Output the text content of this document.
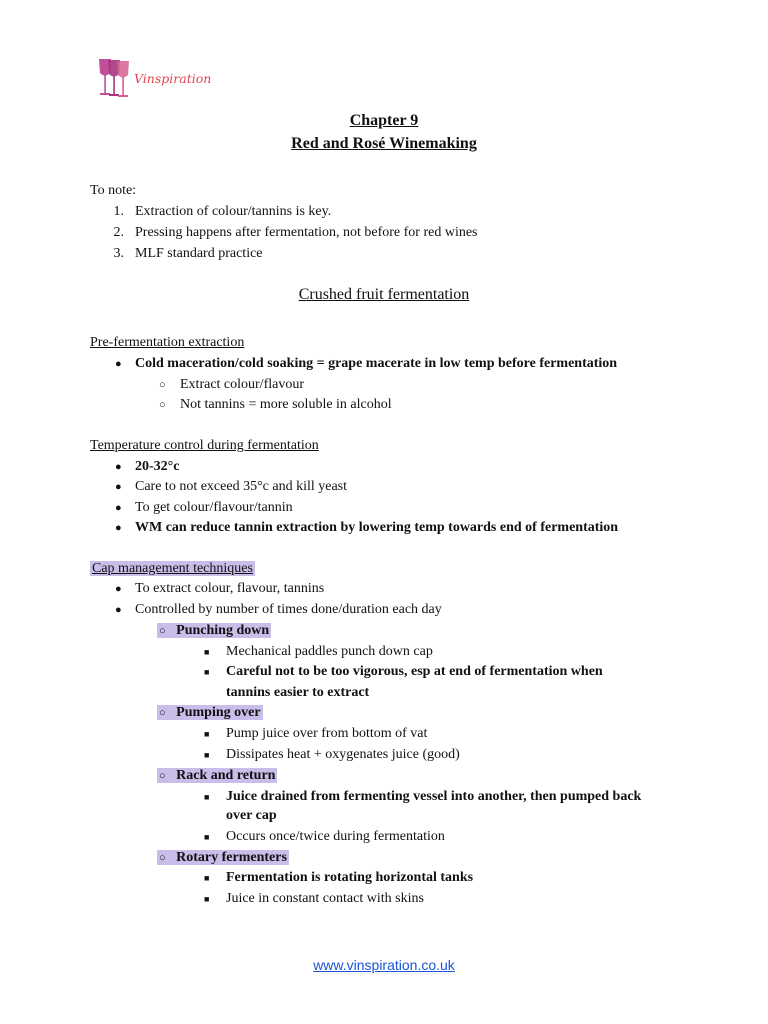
Vinspiration
Chapter 9
Red and Rosé Winemaking
To note:
1. Extraction of colour/tannins is key.
2. Pressing happens after fermentation, not before for red wines
3. MLF standard practice
Crushed fruit fermentation
Pre-fermentation extraction
● Cold maceration/cold soaking = grape macerate in low temp before fermentation
○ Extract colour/flavour
○ Not tannins = more soluble in alcohol
Temperature control during fermentation
● 20-32°c
● Care to not exceed 35°c and kill yeast
● To get colour/flavour/tannin
● WM can reduce tannin extraction by lowering temp towards end of fermentation
Cap management techniques
● To extract colour, flavour, tannins
● Controlled by number of times done/duration each day
○ Punching down
■ Mechanical paddles punch down cap
■ Careful not to be too vigorous, esp at end of fermentation when
tannins easier to extract
○ Pumping over
■ Pump juice over from bottom of vat
■ Dissipates heat + oxygenates juice (good)
○ Rack and return
■ Juice drained from fermenting vessel into another, then pumped back
over cap
■ Occurs once/twice during fermentation
○ Rotary fermenters
■ Fermentation is rotating horizontal tanks
■ Juice in constant contact with skins
www.vinspiration.co.uk
